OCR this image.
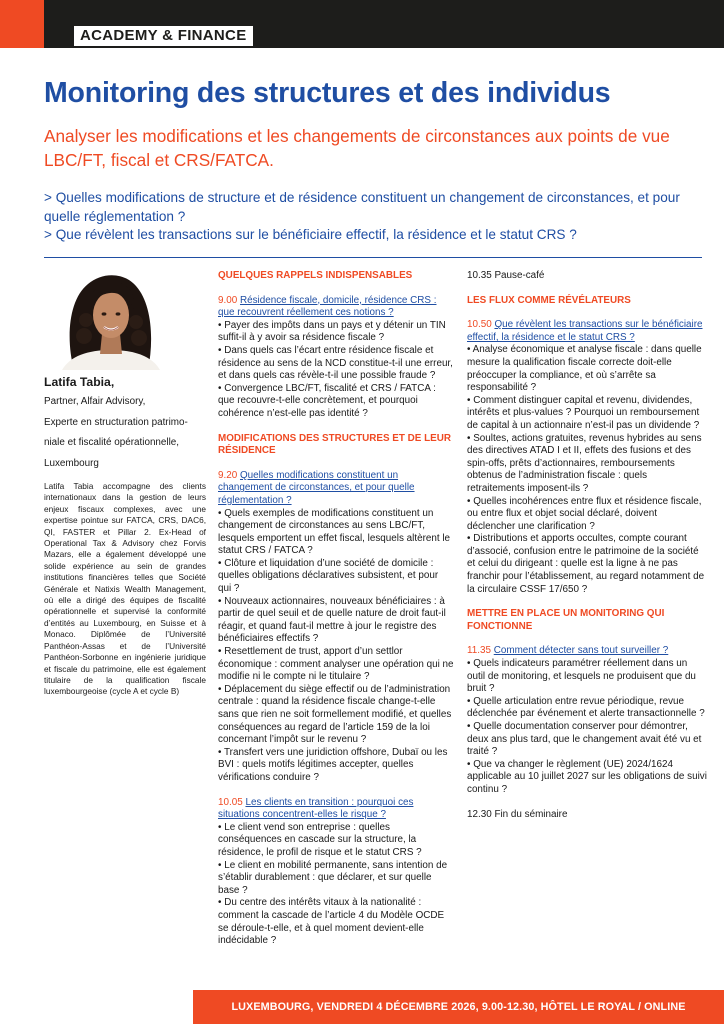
ACADEMY & FINANCE
Monitoring des structures et des individus
Analyser les modifications et les changements de circonstances aux points de vue LBC/FT, fiscal et CRS/FATCA.
> Quelles modifications de structure et de résidence constituent un changement de circonstances, et pour quelle réglementation ?
> Que révèlent les transactions sur le bénéficiaire effectif, la résidence et le statut CRS ?
Latifa Tabia,
Partner, Alfair Advisory,
Experte en structuration patrimo-
niale et fiscalité opérationnelle,
Luxembourg
Latifa Tabia accompagne des clients internationaux dans la gestion de leurs enjeux fiscaux complexes, avec une expertise pointue sur FATCA, CRS, DAC6, QI, FASTER et Pillar 2. Ex-Head of Operational Tax & Advisory chez Forvis Mazars, elle a également développé une solide expérience au sein de grandes institutions financières telles que Société Générale et Natixis Wealth Management, où elle a dirigé des équipes de fiscalité opérationnelle et supervisé la conformité d’entités au Luxembourg, en Suisse et à Monaco. Diplômée de l’Université Panthéon-Assas et de l’Université Panthéon-Sorbonne en ingénierie juridique et fiscale du patrimoine, elle est également titulaire de la qualification fiscale luxembourgeoise (cycle A et cycle B)
QUELQUES RAPPELS INDISPENSABLES
9.00 Résidence fiscale, domicile, résidence CRS : que recouvrent réellement ces notions ?
• Payer des impôts dans un pays et y détenir un TIN suffit-il à y avoir sa résidence fiscale ?
• Dans quels cas l’écart entre résidence fiscale et résidence au sens de la NCD constitue-t-il une erreur, et dans quels cas révèle-t-il une possible fraude ?
• Convergence LBC/FT, fiscalité et CRS / FATCA : que recouvre-t-elle concrètement, et pourquoi cohérence n’est-elle pas identité ?
MODIFICATIONS DES STRUCTURES ET DE LEUR RÉSIDENCE
9.20 Quelles modifications constituent un changement de circonstances, et pour quelle réglementation ?
• Quels exemples de modifications constituent un changement de circonstances au sens LBC/FT, lesquels emportent un effet fiscal, lesquels altèrent le statut CRS / FATCA ?
• Clôture et liquidation d’une société de domicile : quelles obligations déclaratives subsistent, et pour qui ?
• Nouveaux actionnaires, nouveaux bénéficiaires : à partir de quel seuil et de quelle nature de droit faut-il réagir, et quand faut-il mettre à jour le registre des bénéficiaires effectifs ?
• Resettlement de trust, apport d’un settlor économique : comment analyser une opération qui ne modifie ni le compte ni le titulaire ?
• Déplacement du siège effectif ou de l’administration centrale : quand la résidence fiscale change-t-elle sans que rien ne soit formellement modifié, et quelles conséquences au regard de l’article 159 de la loi concernant l’impôt sur le revenu ?
• Transfert vers une juridiction offshore, Dubaï ou les BVI : quels motifs légitimes accepter, quelles vérifications conduire ?
10.05 Les clients en transition : pourquoi ces situations concentrent-elles le risque ?
• Le client vend son entreprise : quelles conséquences en cascade sur la structure, la résidence, le profil de risque et le statut CRS ?
• Le client en mobilité permanente, sans intention de s’établir durablement : que déclarer, et sur quelle base ?
• Du centre des intérêts vitaux à la nationalité : comment la cascade de l’article 4 du Modèle OCDE se déroule-t-elle, et à quel moment devient-elle indécidable ?
10.35 Pause-café
LES FLUX COMME RÉVÉLATEURS
10.50 Que révèlent les transactions sur le bénéficiaire effectif, la résidence et le statut CRS ?
• Analyse économique et analyse fiscale : dans quelle mesure la qualification fiscale correcte doit-elle préoccuper la compliance, et où s’arrête sa responsabilité ?
• Comment distinguer capital et revenu, dividendes, intérêts et plus-values ? Pourquoi un remboursement de capital à un actionnaire n’est-il pas un dividende ?
• Soultes, actions gratuites, revenus hybrides au sens des directives ATAD I et II, effets des fusions et des spin-offs, prêts d’actionnaires, remboursements obtenus de l’administration fiscale : quels retraitements imposent-ils ?
• Quelles incohérences entre flux et résidence fiscale, ou entre flux et objet social déclaré, doivent déclencher une clarification ?
• Distributions et apports occultes, compte courant d’associé, confusion entre le patrimoine de la société et celui du dirigeant : quelle est la ligne à ne pas franchir pour l’établissement, au regard notamment de la circulaire CSSF 17/650 ?
METTRE EN PLACE UN MONITORING QUI FONCTIONNE
11.35 Comment détecter sans tout surveiller ?
• Quels indicateurs paramétrer réellement dans un outil de monitoring, et lesquels ne produisent que du bruit ?
• Quelle articulation entre revue périodique, revue déclenchée par événement et alerte transactionnelle ?
• Quelle documentation conserver pour démontrer, deux ans plus tard, que le changement avait été vu et traité ?
• Que va changer le règlement (UE) 2024/1624 applicable au 10 juillet 2027 sur les obligations de suivi continu ?
12.30 Fin du séminaire
LUXEMBOURG, VENDREDI 4 DÉCEMBRE 2026, 9.00-12.30, HÔTEL LE ROYAL / ONLINE
